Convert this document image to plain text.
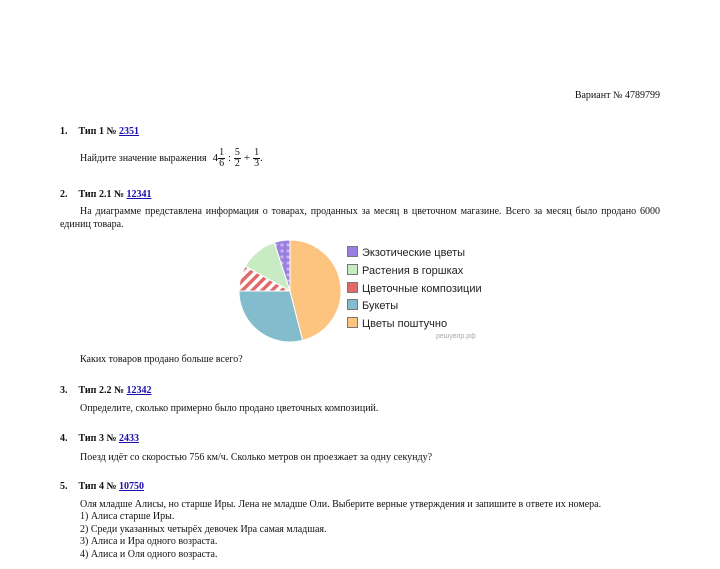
Вариант № 4789799
1. Тип 1 № 2351
Найдите значение выражения $4 \frac{1}{6}$ : $\frac{5}{2} + \frac{1}{3}$ .
2. Тип 2.1 № 12341
На диаграмме представлена информация о товарах, проданных за месяц в цветочном магазине. Всего за месяц было продано 6000 единиц товара.
Экзотические цветы
Растения в горшках
Цветочные композиции
Букеты
Цветы поштучно
решувпр.рф
Каких товаров продано больше всего?
3. Тип 2.2 № 12342
Определите, сколько примерно было продано цветочных композиций.
4. Тип 3 № 2433
Поезд идёт со скоростью 756 км/ч. Сколько метров он проезжает за одну секунду?
5. Тип 4 № 10750
Оля младше Алисы, но старше Иры. Лена не младше Оли. Выберите верные утверждения и запишите в ответе их номера.
1) Алиса старше Иры.
2) Среди указанных четырёх девочек Ира самая младшая.
3) Алиса и Ира одного возраста.
4) Алиса и Оля одного возраста.
